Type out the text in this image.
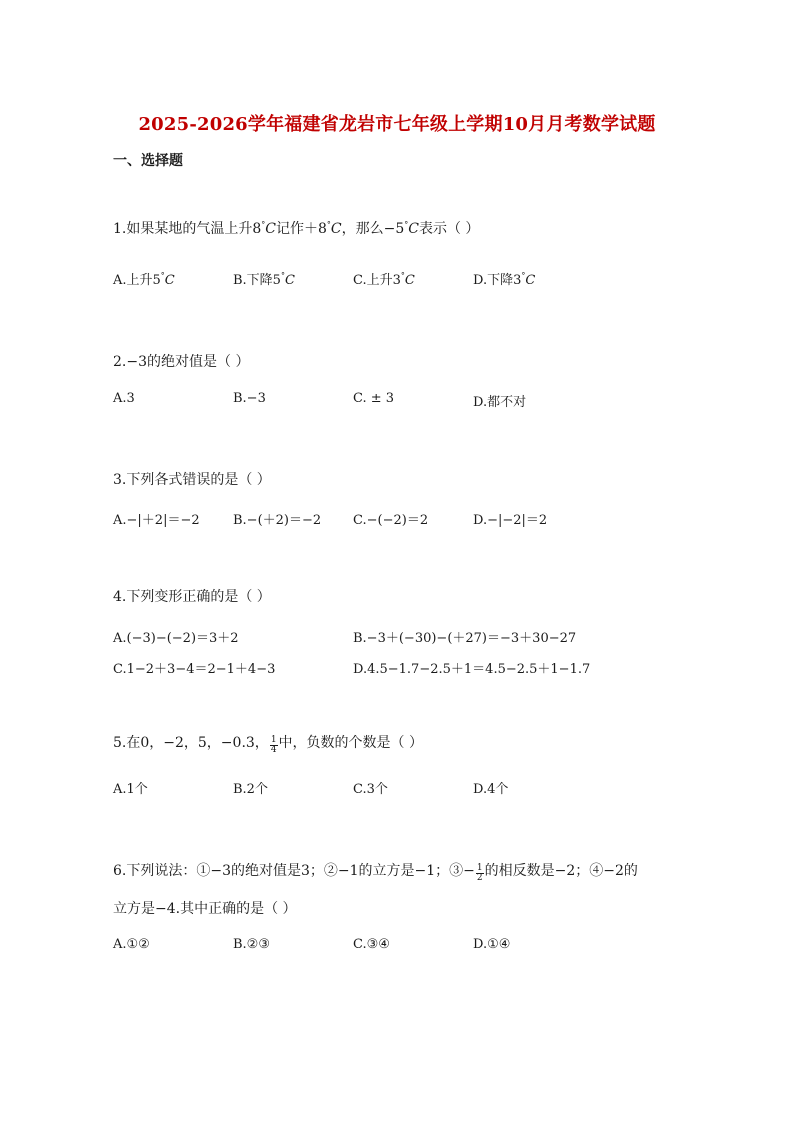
2025-2026学年福建省龙岩市七年级上学期10月月考数学试题
一、选择题
1.如果某地的气温上升8°C记作＋8°C，那么−5°C表示（ ）
A.上升5°C	B.下降5°C	C.上升3°C	D.下降3°C
2.−3的绝对值是（ ）
A.3	B.−3	C. ± 3	D.都不对
3.下列各式错误的是（ ）
A.−|＋2|＝−2	B.−(＋2)＝−2 C.−(−2)＝2	D.−|−2|＝2
4.下列变形正确的是（ ）
A.(−3)−(−2)＝3＋2	B.−3＋(−30)−(＋27)＝−3＋30−27
C.1−2＋3−4＝2−1＋4−3	D.4.5−1.7−2.5＋1＝4.5−2.5＋1−1.7
5.在0，−2，5，−0.3， $\frac{1}{4}$ 中，负数的个数是（ ）
A.1个	B.2个	C.3个	D.4个
6.下列说法：①−3的绝对值是3；②−1的立方是−1；③− $\frac{1}{2}$ 的相反数是−2；④−2的
立方是−4.其中正确的是（ ）
A.①②	B.②③	C.③④	D.①④
